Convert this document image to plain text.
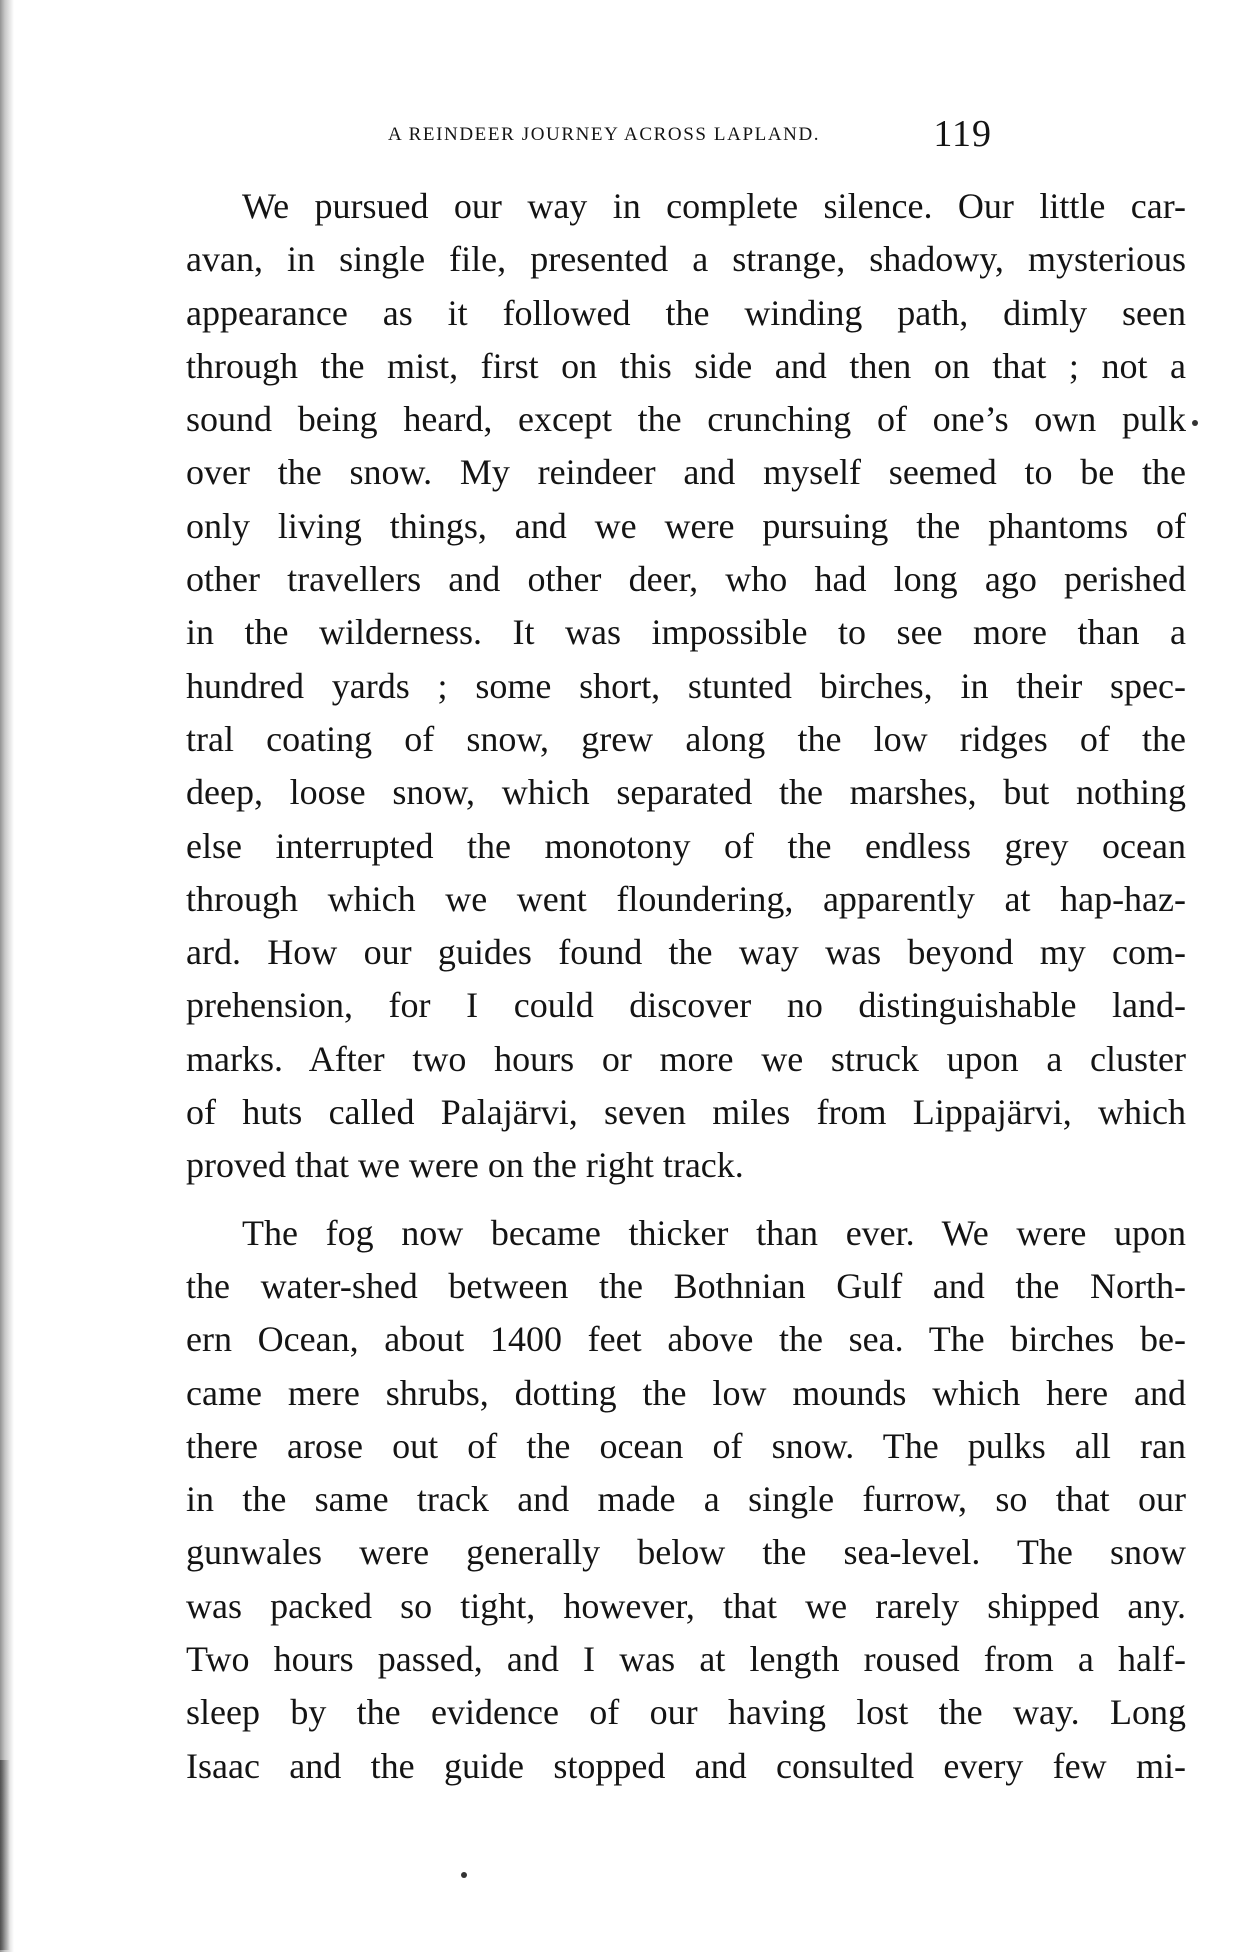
A REINDEER JOURNEY ACROSS LAPLAND.	119
We pursued our way in complete silence. Our little car-
avan, in single file, presented a strange, shadowy, mysterious
appearance as it followed the winding path, dimly seen
through the mist, first on this side and then on that ; not a
sound being heard, except the crunching of one’s own pulk
over the snow. My reindeer and myself seemed to be the
only living things, and we were pursuing the phantoms of
other travellers and other deer, who had long ago perished
in the wilderness. It was impossible to see more than a
hundred yards ; some short, stunted birches, in their spec-
tral coating of snow, grew along the low ridges of the
deep, loose snow, which separated the marshes, but nothing
else interrupted the monotony of the endless grey ocean
through which we went floundering, apparently at hap-haz-
ard. How our guides found the way was beyond my com-
prehension, for I could discover no distinguishable land-
marks. After two hours or more we struck upon a cluster
of huts called Palajärvi, seven miles from Lippajärvi, which
proved that we were on the right track.
The fog now became thicker than ever. We were upon
the water-shed between the Bothnian Gulf and the North-
ern Ocean, about 1400 feet above the sea. The birches be-
came mere shrubs, dotting the low mounds which here and
there arose out of the ocean of snow. The pulks all ran
in the same track and made a single furrow, so that our
gunwales were generally below the sea-level. The snow
was packed so tight, however, that we rarely shipped any.
Two hours passed, and I was at length roused from a half-
sleep by the evidence of our having lost the way. Long
Isaac and the guide stopped and consulted every few mi-
